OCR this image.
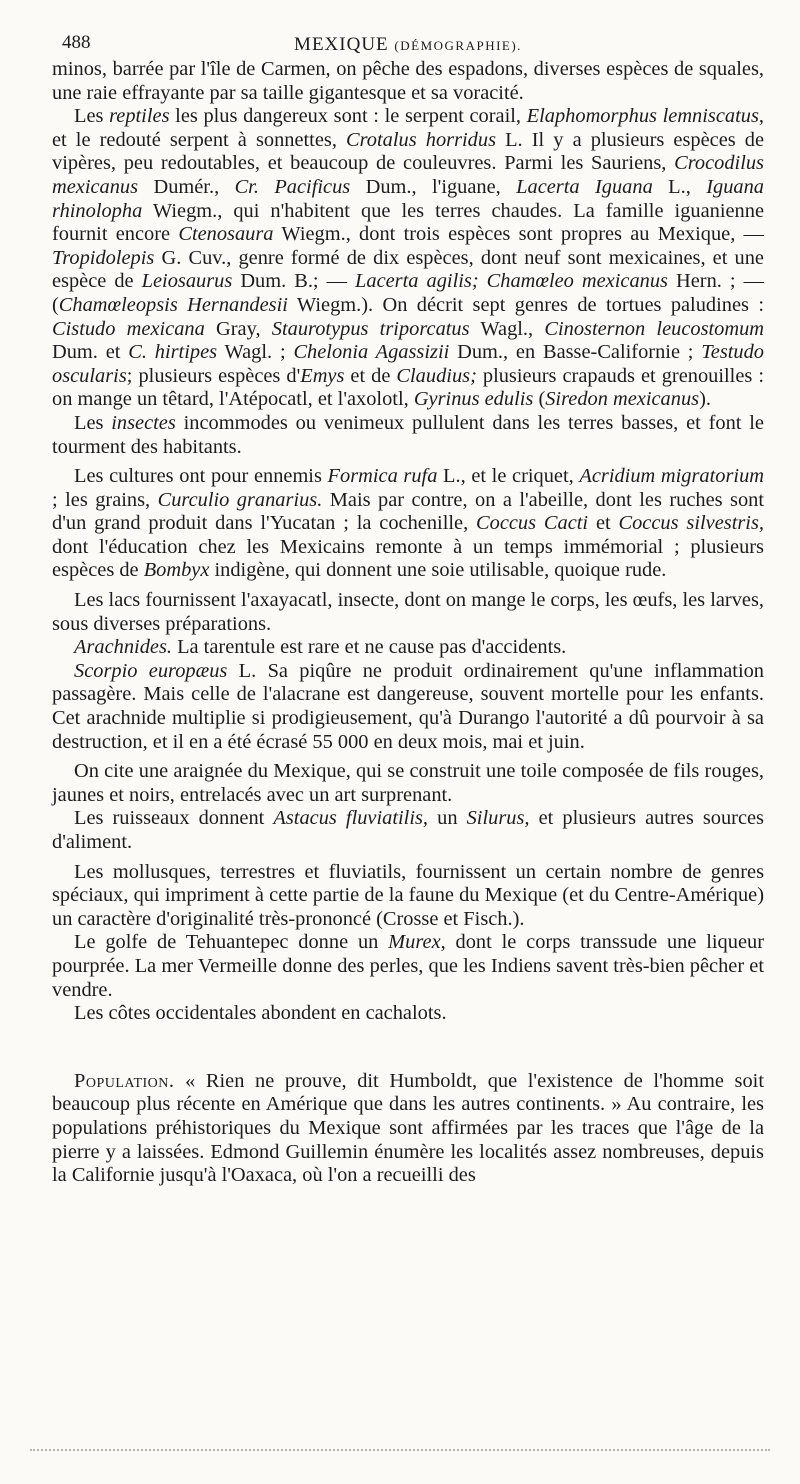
488	MEXIQUE (DÉMOGRAPHIE).

minos, barrée par l'île de Carmen, on pêche des espadons, diverses espèces de squales, une raie effrayante par sa taille gigantesque et sa voracité.

Les reptiles les plus dangereux sont : le serpent corail, Elaphomorphus lemniscatus, et le redouté serpent à sonnettes, Crotalus horridus L. Il y a plusieurs espèces de vipères, peu redoutables, et beaucoup de couleuvres. Parmi les Sauriens, Crocodilus mexicanus Dumér., Cr. Pacificus Dum., l'iguane, Lacerta Iguana L., Iguana rhinolopha Wiegm., qui n'habitent que les terres chaudes. La famille iguanienne fournit encore Ctenosaura Wiegm., dont trois espèces sont propres au Mexique, — Tropidolepis G. Cuv., genre formé de dix espèces, dont neuf sont mexicaines, et une espèce de Leiosaurus Dum. B.; — Lacerta agilis; Chamœleo mexicanus Hern. ; — (Chamœleopsis Hernandesii Wiegm.). On décrit sept genres de tortues paludines : Cistudo mexicana Gray, Staurotypus triporcatus Wagl., Cinosternon leucostomum Dum. et C. hirtipes Wagl. ; Chelonia Agassizii Dum., en Basse-Californie ; Testudo oscularis; plusieurs espèces d'Emys et de Claudius; plusieurs crapauds et grenouilles : on mange un têtard, l'Atépocatl, et l'axolotl, Gyrinus edulis (Siredon mexicanus).

Les insectes incommodes ou venimeux pullulent dans les terres basses, et font le tourment des habitants.

Les cultures ont pour ennemis Formica rufa L., et le criquet, Acridium migratorium ; les grains, Curculio granarius. Mais par contre, on a l'abeille, dont les ruches sont d'un grand produit dans l'Yucatan ; la cochenille, Coccus Cacti et Coccus silvestris, dont l'éducation chez les Mexicains remonte à un temps immémorial ; plusieurs espèces de Bombyx indigène, qui donnent une soie utilisable, quoique rude.

Les lacs fournissent l'axayacatl, insecte, dont on mange le corps, les œufs, les larves, sous diverses préparations.

Arachnides. La tarentule est rare et ne cause pas d'accidents.

Scorpio europæus L. Sa piqûre ne produit ordinairement qu'une inflammation passagère. Mais celle de l'alacrane est dangereuse, souvent mortelle pour les enfants. Cet arachnide multiplie si prodigieusement, qu'à Durango l'autorité a dû pourvoir à sa destruction, et il en a été écrasé 55 000 en deux mois, mai et juin.

On cite une araignée du Mexique, qui se construit une toile composée de fils rouges, jaunes et noirs, entrelacés avec un art surprenant.

Les ruisseaux donnent Astacus fluviatilis, un Silurus, et plusieurs autres sources d'aliment.

Les mollusques, terrestres et fluviatils, fournissent un certain nombre de genres spéciaux, qui impriment à cette partie de la faune du Mexique (et du Centre-Amérique) un caractère d'originalité très-prononcé (Crosse et Fisch.).

Le golfe de Tehuantepec donne un Murex, dont le corps transsude une liqueur pourprée. La mer Vermeille donne des perles, que les Indiens savent très-bien pêcher et vendre.

Les côtes occidentales abondent en cachalots.

Population. « Rien ne prouve, dit Humboldt, que l'existence de l'homme soit beaucoup plus récente en Amérique que dans les autres continents. » Au contraire, les populations préhistoriques du Mexique sont affirmées par les traces que l'âge de la pierre y a laissées. Edmond Guillemin énumère les localités assez nombreuses, depuis la Californie jusqu'à l'Oaxaca, où l'on a recueilli des
